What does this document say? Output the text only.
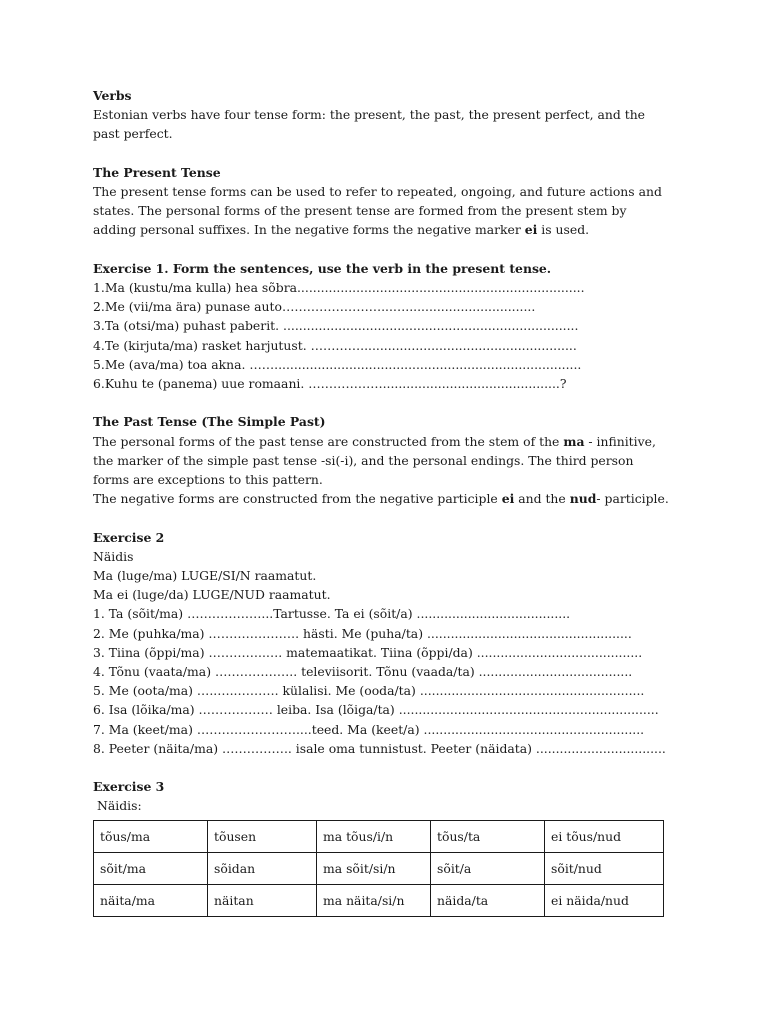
Verbs
Estonian verbs have four tense form: the present, the past, the present perfect, and the past perfect.
The Present Tense
The present tense forms can be used to refer to repeated, ongoing, and future actions and states. The personal forms of the present tense are formed from the present stem by adding personal suffixes. In the negative forms the negative marker ei is used.
Exercise 1. Form the sentences, use the verb in the present tense.
1.Ma (kustu/ma kulla) hea sõbra.........................................................................
2.Me (vii/ma ära) punase auto……………………...….................................
3.Ta (otsi/ma) puhast paberit. ...........................................................................
4.Te (kirjuta/ma) rasket harjutust. ………….......................................................
5.Me (ava/ma) toa akna. ……..............................................................................
6.Kuhu te (panema) uue romaani. ……………….............................................?
The Past Tense (The Simple Past)
The personal forms of the past tense are constructed from the stem of the ma - infinitive, the marker of the simple past tense -si(-i), and the personal endings. The third person forms are exceptions to this pattern.
The negative forms are constructed from the negative participle ei and the nud- participle.
Exercise 2
Näidis
Ma (luge/ma) LUGE/SI/N raamatut.
Ma ei (luge/da) LUGE/NUD raamatut.
1. Ta (sõit/ma) ………………...Tartusse. Ta ei (sõit/a) .......................................
2. Me (puhka/ma) …………………. hästi. Me (puha/ta) ....................................................
3. Tiina (õppi/ma) …………..…. matemaatikat. Tiina (õppi/da) ..........................................
4. Tõnu (vaata/ma) ……………….. televiisorit. Tõnu (vaada/ta) .......................................
5. Me (oota/ma) …..…..………. külalisi. Me (ooda/ta) .........................................................
6. Isa (lõika/ma) ……………… leiba. Isa (lõiga/ta) ..................................................................
7. Ma (keet/ma) ……………………....teed. Ma (keet/a) ........................................................
8. Peeter (näita/ma) …………….. isale oma tunnistust. Peeter (näidata) .................................
Exercise 3
Näidis:
tõus/ma	tõusen	ma tõus/i/n	tõus/ta	ei tõus/nud
sõit/ma	sõidan	ma sõit/si/n	sõit/a	sõit/nud
näita/ma	näitan	ma näita/si/n	näida/ta	ei näida/nud
